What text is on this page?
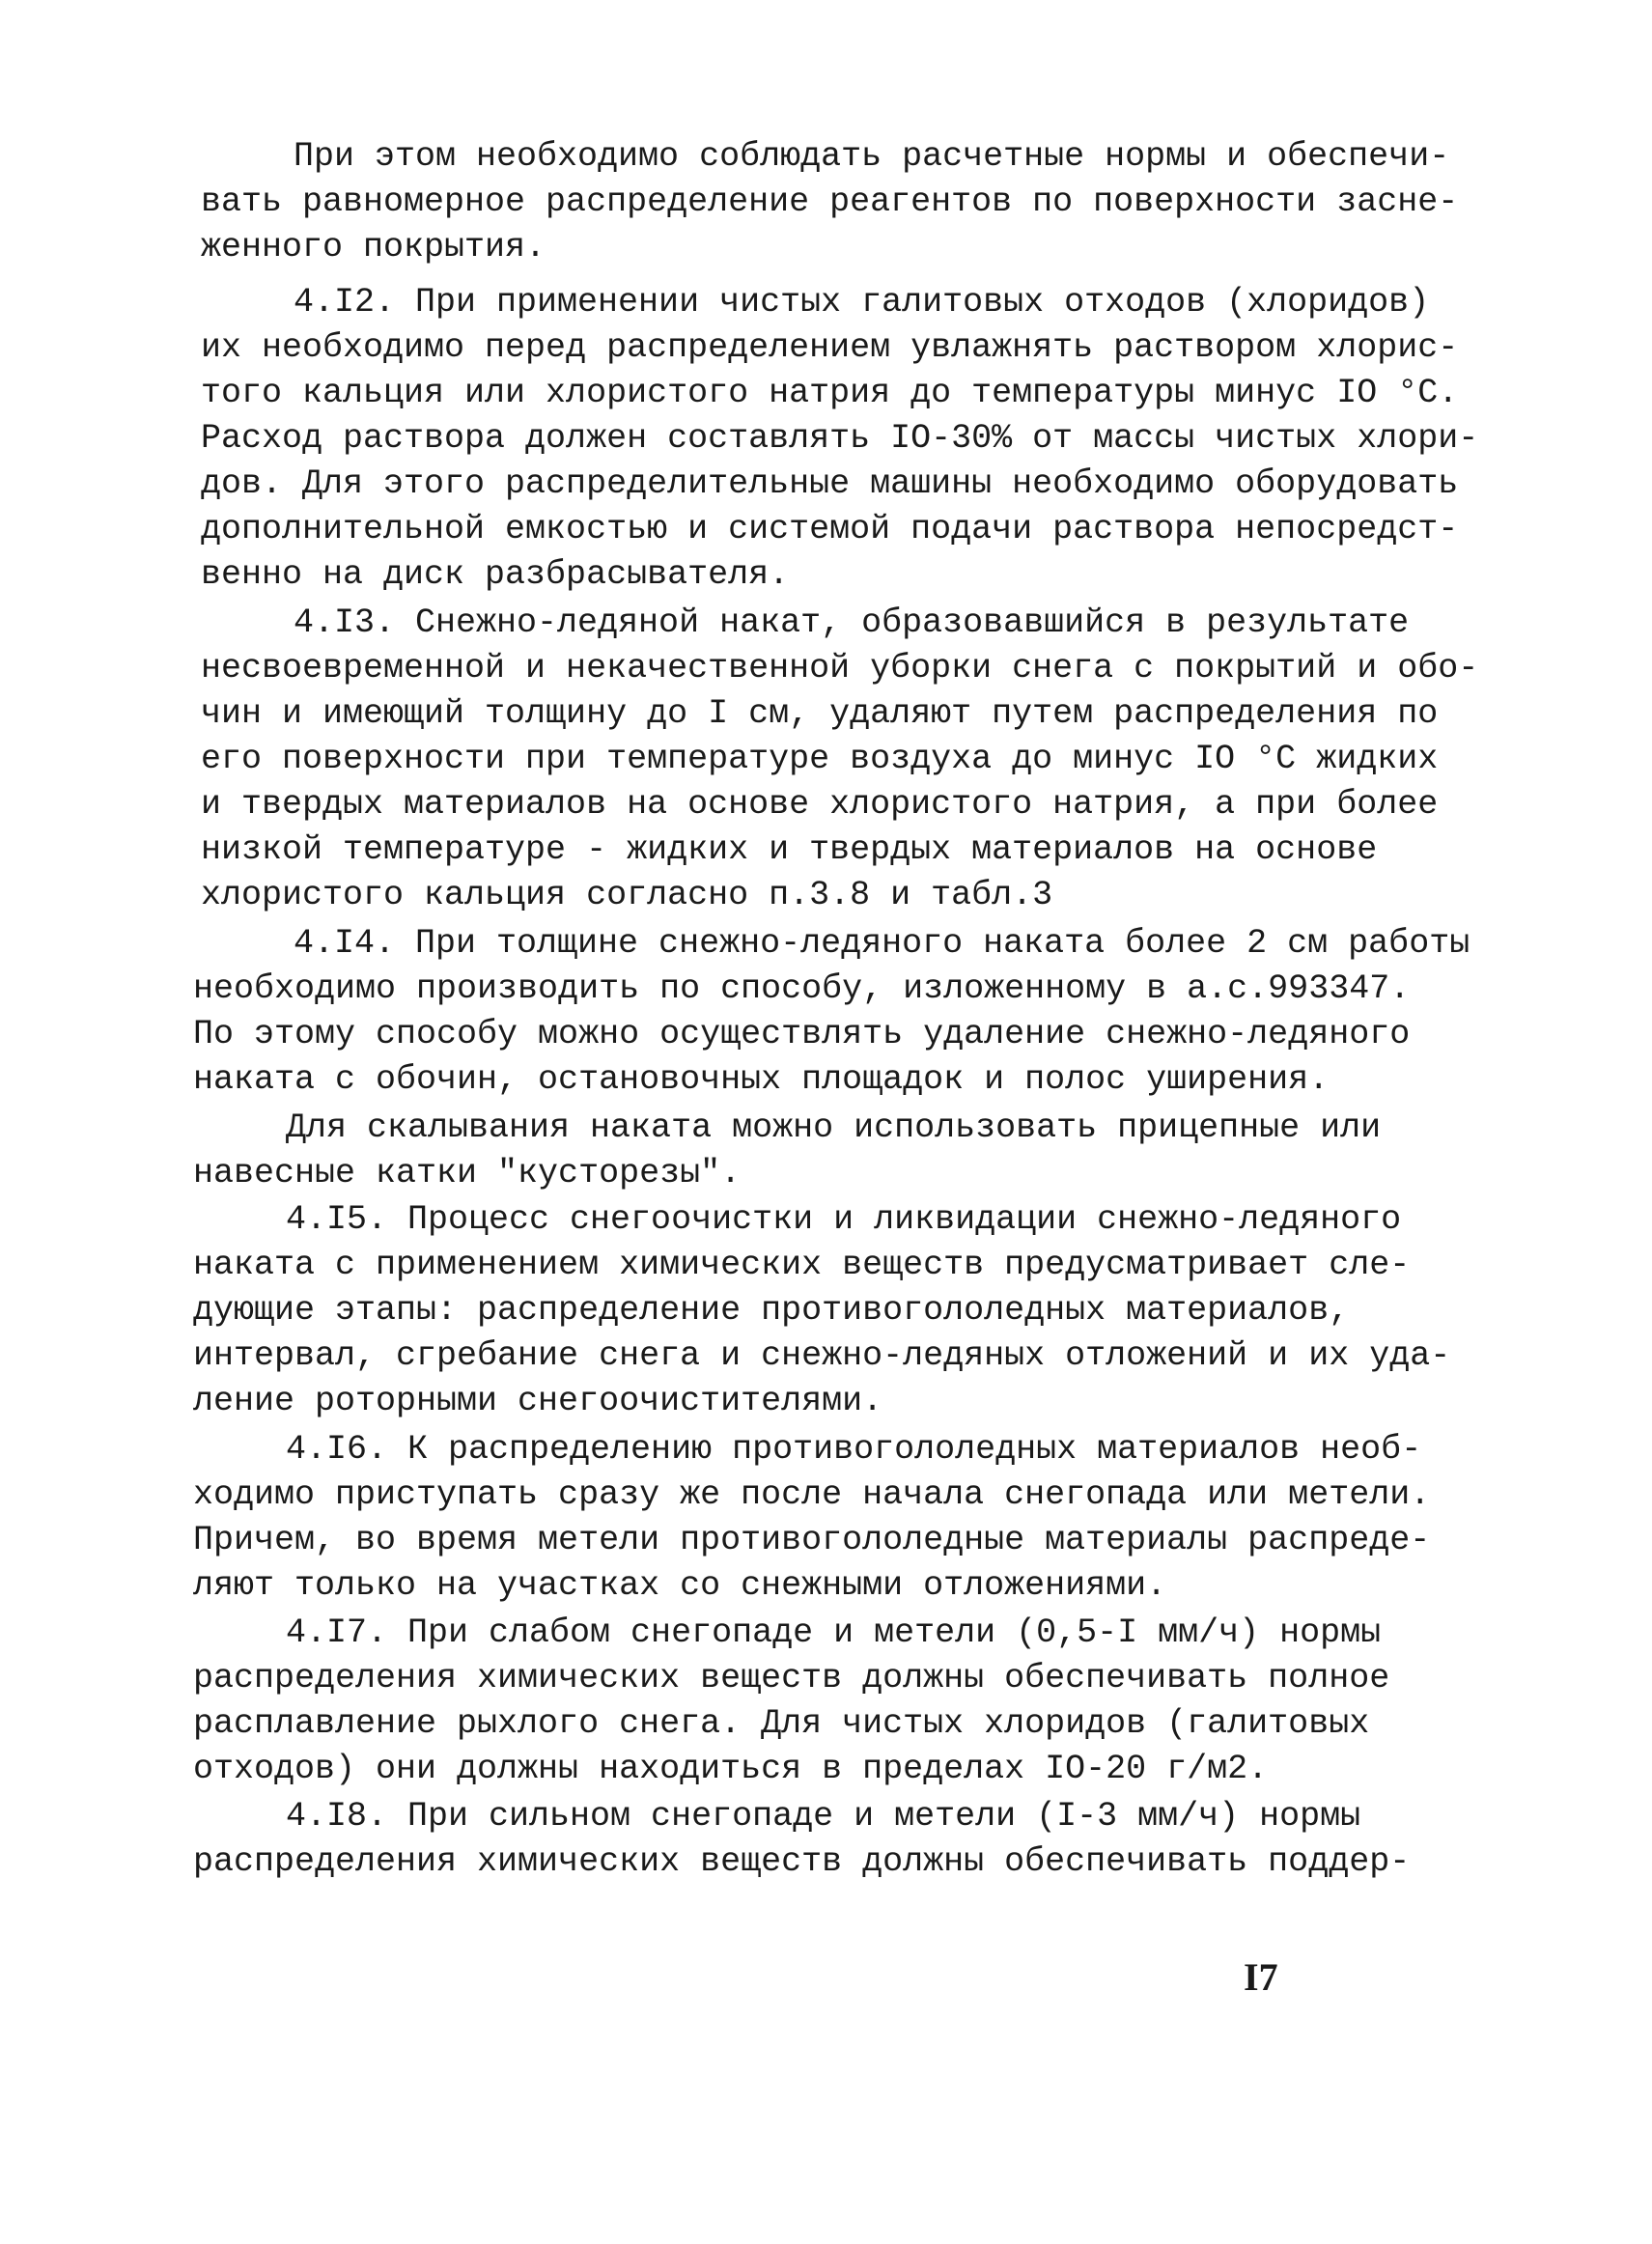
При этом необходимо соблюдать расчетные нормы и обеспечи-
вать равномерное распределение реагентов по поверхности засне-
женного покрытия.
4.I2. При применении чистых галитовых отходов (хлоридов)
их необходимо перед распределением увлажнять раствором хлорис-
того кальция или хлористого натрия до температуры минус IO °С.
Расход раствора должен составлять IO-30% от массы чистых хлори-
дов. Для этого распределительные машины необходимо оборудовать
дополнительной емкостью и системой подачи раствора непосредст-
венно на диск разбрасывателя.
4.I3. Снежно-ледяной накат, образовавшийся в результате
несвоевременной и некачественной уборки снега с покрытий и обо-
чин и имеющий толщину до I см, удаляют путем распределения по
его поверхности при температуре воздуха до минус IO °С жидких
и твердых материалов на основе хлористого натрия, а при более
низкой температуре - жидких и твердых материалов на основе
хлористого кальция согласно п.3.8 и табл.3
4.I4. При толщине снежно-ледяного наката более 2 см работы
необходимо производить по способу, изложенному в а.с.993347.
По этому способу можно осуществлять удаление снежно-ледяного
наката с обочин, остановочных площадок и полос уширения.
Для скалывания наката можно использовать прицепные или
навесные катки "кусторезы".
4.I5. Процесс снегоочистки и ликвидации снежно-ледяного
наката с применением химических веществ предусматривает сле-
дующие этапы: распределение противогололедных материалов,
интервал, сгребание снега и снежно-ледяных отложений и их уда-
ление роторными снегоочистителями.
4.I6. К распределению противогололедных материалов необ-
ходимо приступать сразу же после начала снегопада или метели.
Причем, во время метели противогололедные материалы распреде-
ляют только на участках со снежными отложениями.
4.I7. При слабом снегопаде и метели (0,5-I мм/ч) нормы
распределения химических веществ должны обеспечивать полное
расплавление рыхлого снега. Для чистых хлоридов (галитовых
отходов) они должны находиться в пределах IO-20 г/м2.
4.I8. При сильном снегопаде и метели (I-3 мм/ч) нормы
распределения химических веществ должны обеспечивать поддер-
I7
